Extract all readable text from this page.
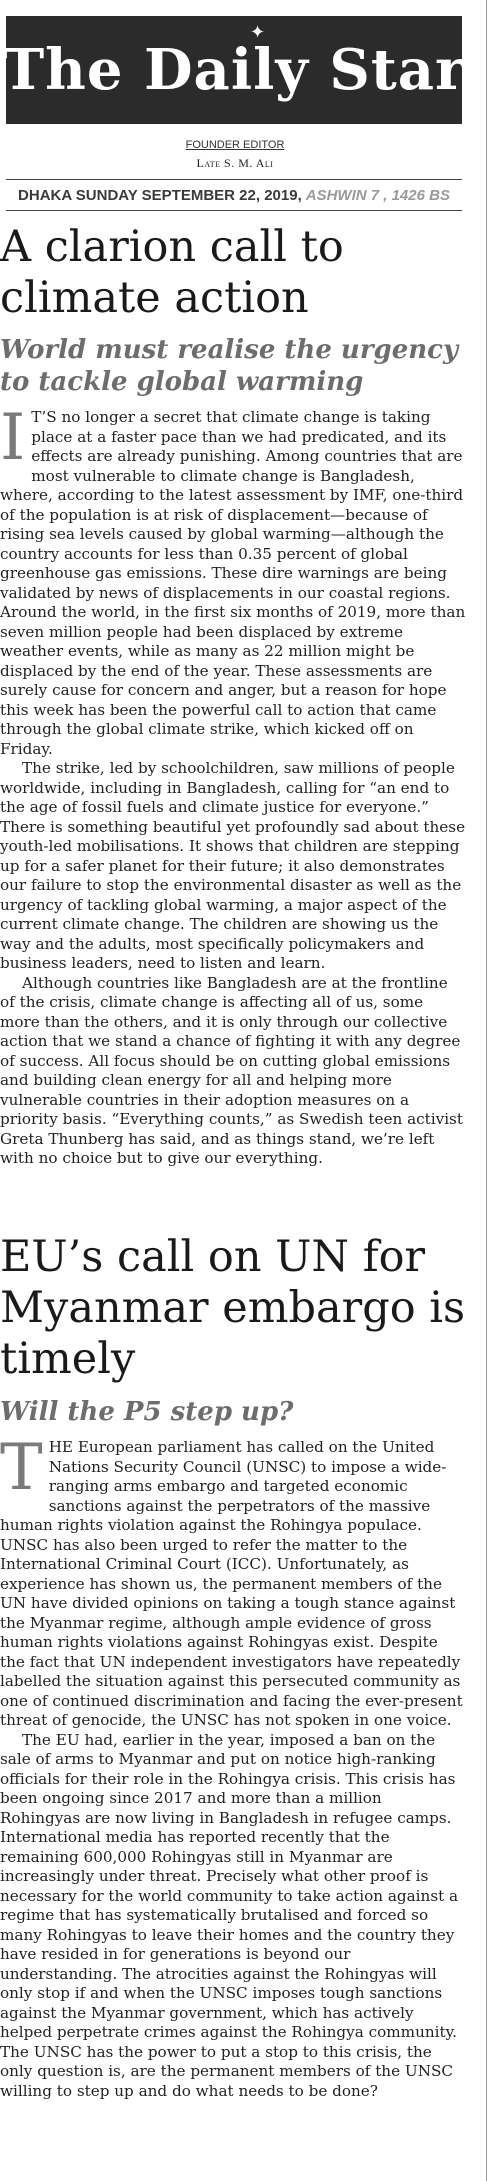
The Daily Star
✦
FOUNDER EDITOR
Late S. M. Ali
DHAKA SUNDAY SEPTEMBER 22, 2019, ASHWIN 7 , 1426 BS
A clarion call to climate action
World must realise the urgency to tackle global warming

I T’S no longer a secret that climate change is taking place at a faster pace than we had predicated, and its effects are already punishing. Among countries that are most vulnerable to climate change is Bangladesh, where, according to the latest assessment by IMF, one-third of the population is at risk of displacement—because of rising sea levels caused by global warming—although the country accounts for less than 0.35 percent of global greenhouse gas emissions. These dire warnings are being validated by news of displacements in our coastal regions. Around the world, in the first six months of 2019, more than seven million people had been displaced by extreme weather events, while as many as 22 million might be displaced by the end of the year. These assessments are surely cause for concern and anger, but a reason for hope this week has been the powerful call to action that came through the global climate strike, which kicked off on Friday.

The strike, led by schoolchildren, saw millions of people worldwide, including in Bangladesh, calling for “an end to the age of fossil fuels and climate justice for everyone.” There is something beautiful yet profoundly sad about these youth-led mobilisations. It shows that children are stepping up for a safer planet for their future; it also demonstrates our failure to stop the environmental disaster as well as the urgency of tackling global warming, a major aspect of the current climate change. The children are showing us the way and the adults, most specifically policymakers and business leaders, need to listen and learn.

Although countries like Bangladesh are at the frontline of the crisis, climate change is affecting all of us, some more than the others, and it is only through our collective action that we stand a chance of fighting it with any degree of success. All focus should be on cutting global emissions and building clean energy for all and helping more vulnerable countries in their adoption measures on a priority basis. “Everything counts,” as Swedish teen activist Greta Thunberg has said, and as things stand, we’re left with no choice but to give our everything.

EU’s call on UN for Myanmar embargo is timely
Will the P5 step up?

THE European parliament has called on the United Nations Security Council (UNSC) to impose a wide-ranging arms embargo and targeted economic sanctions against the perpetrators of the massive human rights violation against the Rohingya populace. UNSC has also been urged to refer the matter to the International Criminal Court (ICC). Unfortunately, as experience has shown us, the permanent members of the UN have divided opinions on taking a tough stance against the Myanmar regime, although ample evidence of gross human rights violations against Rohingyas exist. Despite the fact that UN independent investigators have repeatedly labelled the situation against this persecuted community as one of continued discrimination and facing the ever-present threat of genocide, the UNSC has not spoken in one voice.

The EU had, earlier in the year, imposed a ban on the sale of arms to Myanmar and put on notice high-ranking officials for their role in the Rohingya crisis. This crisis has been ongoing since 2017 and more than a million Rohingyas are now living in Bangladesh in refugee camps. International media has reported recently that the remaining 600,000 Rohingyas still in Myanmar are increasingly under threat. Precisely what other proof is necessary for the world community to take action against a regime that has systematically brutalised and forced so many Rohingyas to leave their homes and the country they have resided in for generations is beyond our understanding. The atrocities against the Rohingyas will only stop if and when the UNSC imposes tough sanctions against the Myanmar government, which has actively helped perpetrate crimes against the Rohingya community. The UNSC has the power to put a stop to this crisis, the only question is, are the permanent members of the UNSC willing to step up and do what needs to be done?
